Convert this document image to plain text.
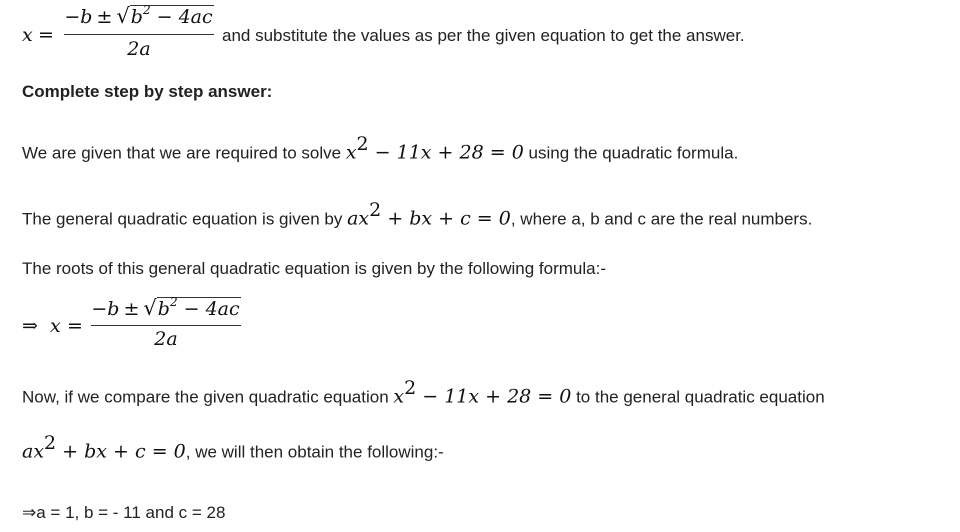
x =
$-b \pm √b^2 - 4ac$
2a
and substitute the values as per the given equation to get the answer.
Complete step by step answer:
We are given that we are required to solve $x^2 - 11x + 28 = 0$ using the quadratic formula.
The general quadratic equation is given by $ax^2$ + bx + c = 0, where a, b and c are the real numbers.
The roots of this general quadratic equation is given by the following formula:-
⇒ x =
$-b \pm √b^2 - 4ac$
2a
Now, if we compare the given quadratic equation $x^2 - 11x + 28 = 0$ to the general quadratic equation
$ax^2$ + bx + c = 0, we will then obtain the following:-
⇒a = 1, b = - 11 and c = 28
